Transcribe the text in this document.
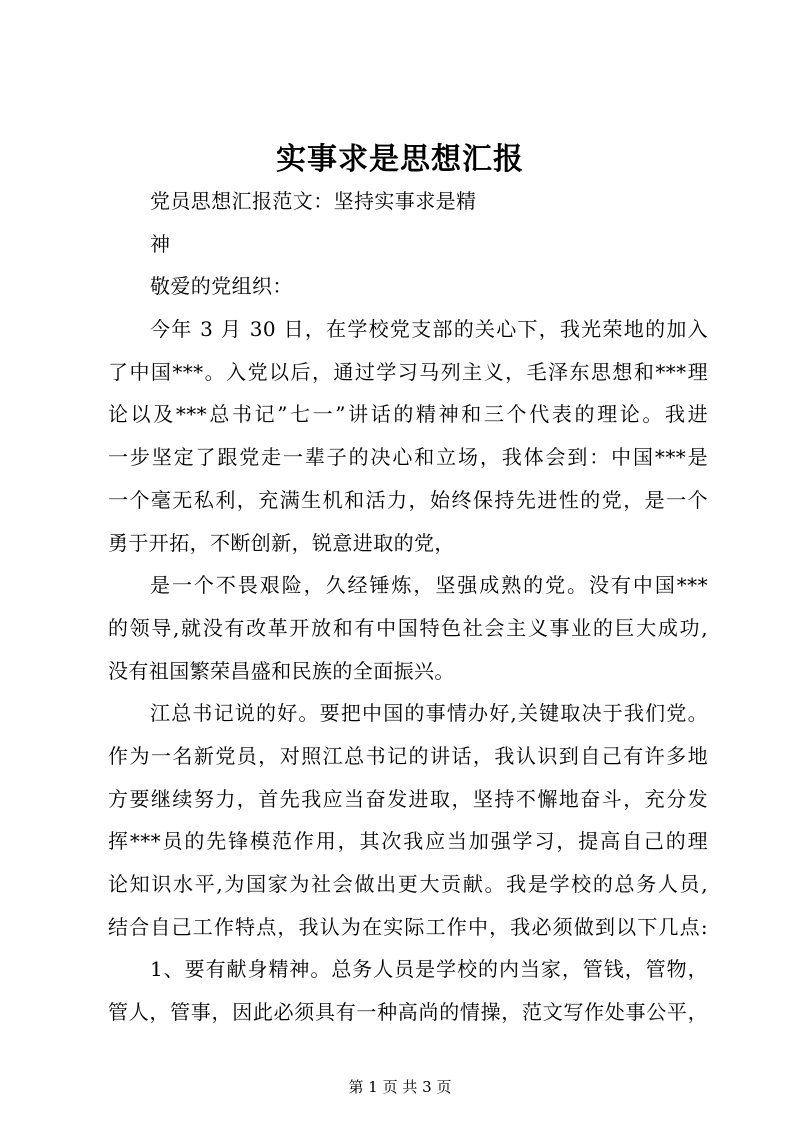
实事求是思想汇报
党员思想汇报范文：坚持实事求是精
神
敬爱的党组织：
今年 3 月 30 日，在学校党支部的关心下，我光荣地的加入
了中国***。入党以后，通过学习马列主义，毛泽东思想和***理
论以及***总书记”七一”讲话的精神和三个代表的理论。我进
一步坚定了跟党走一辈子的决心和立场，我体会到：中国***是
一个毫无私利，充满生机和活力，始终保持先进性的党，是一个
勇于开拓，不断创新，锐意进取的党，
是一个不畏艰险，久经锤炼，坚强成熟的党。没有中国***
的领导,就没有改革开放和有中国特色社会主义事业的巨大成功,
没有祖国繁荣昌盛和民族的全面振兴。
江总书记说的好。要把中国的事情办好,关键取决于我们党。
作为一名新党员，对照江总书记的讲话，我认识到自己有许多地
方要继续努力，首先我应当奋发进取，坚持不懈地奋斗，充分发
挥***员的先锋模范作用，其次我应当加强学习，提高自己的理
论知识水平,为国家为社会做出更大贡献。我是学校的总务人员,
结合自己工作特点，我认为在实际工作中，我必须做到以下几点:
1、要有献身精神。总务人员是学校的内当家，管钱，管物，
管人，管事，因此必须具有一种高尚的情操，范文写作处事公平，
第 1 页 共 3 页
